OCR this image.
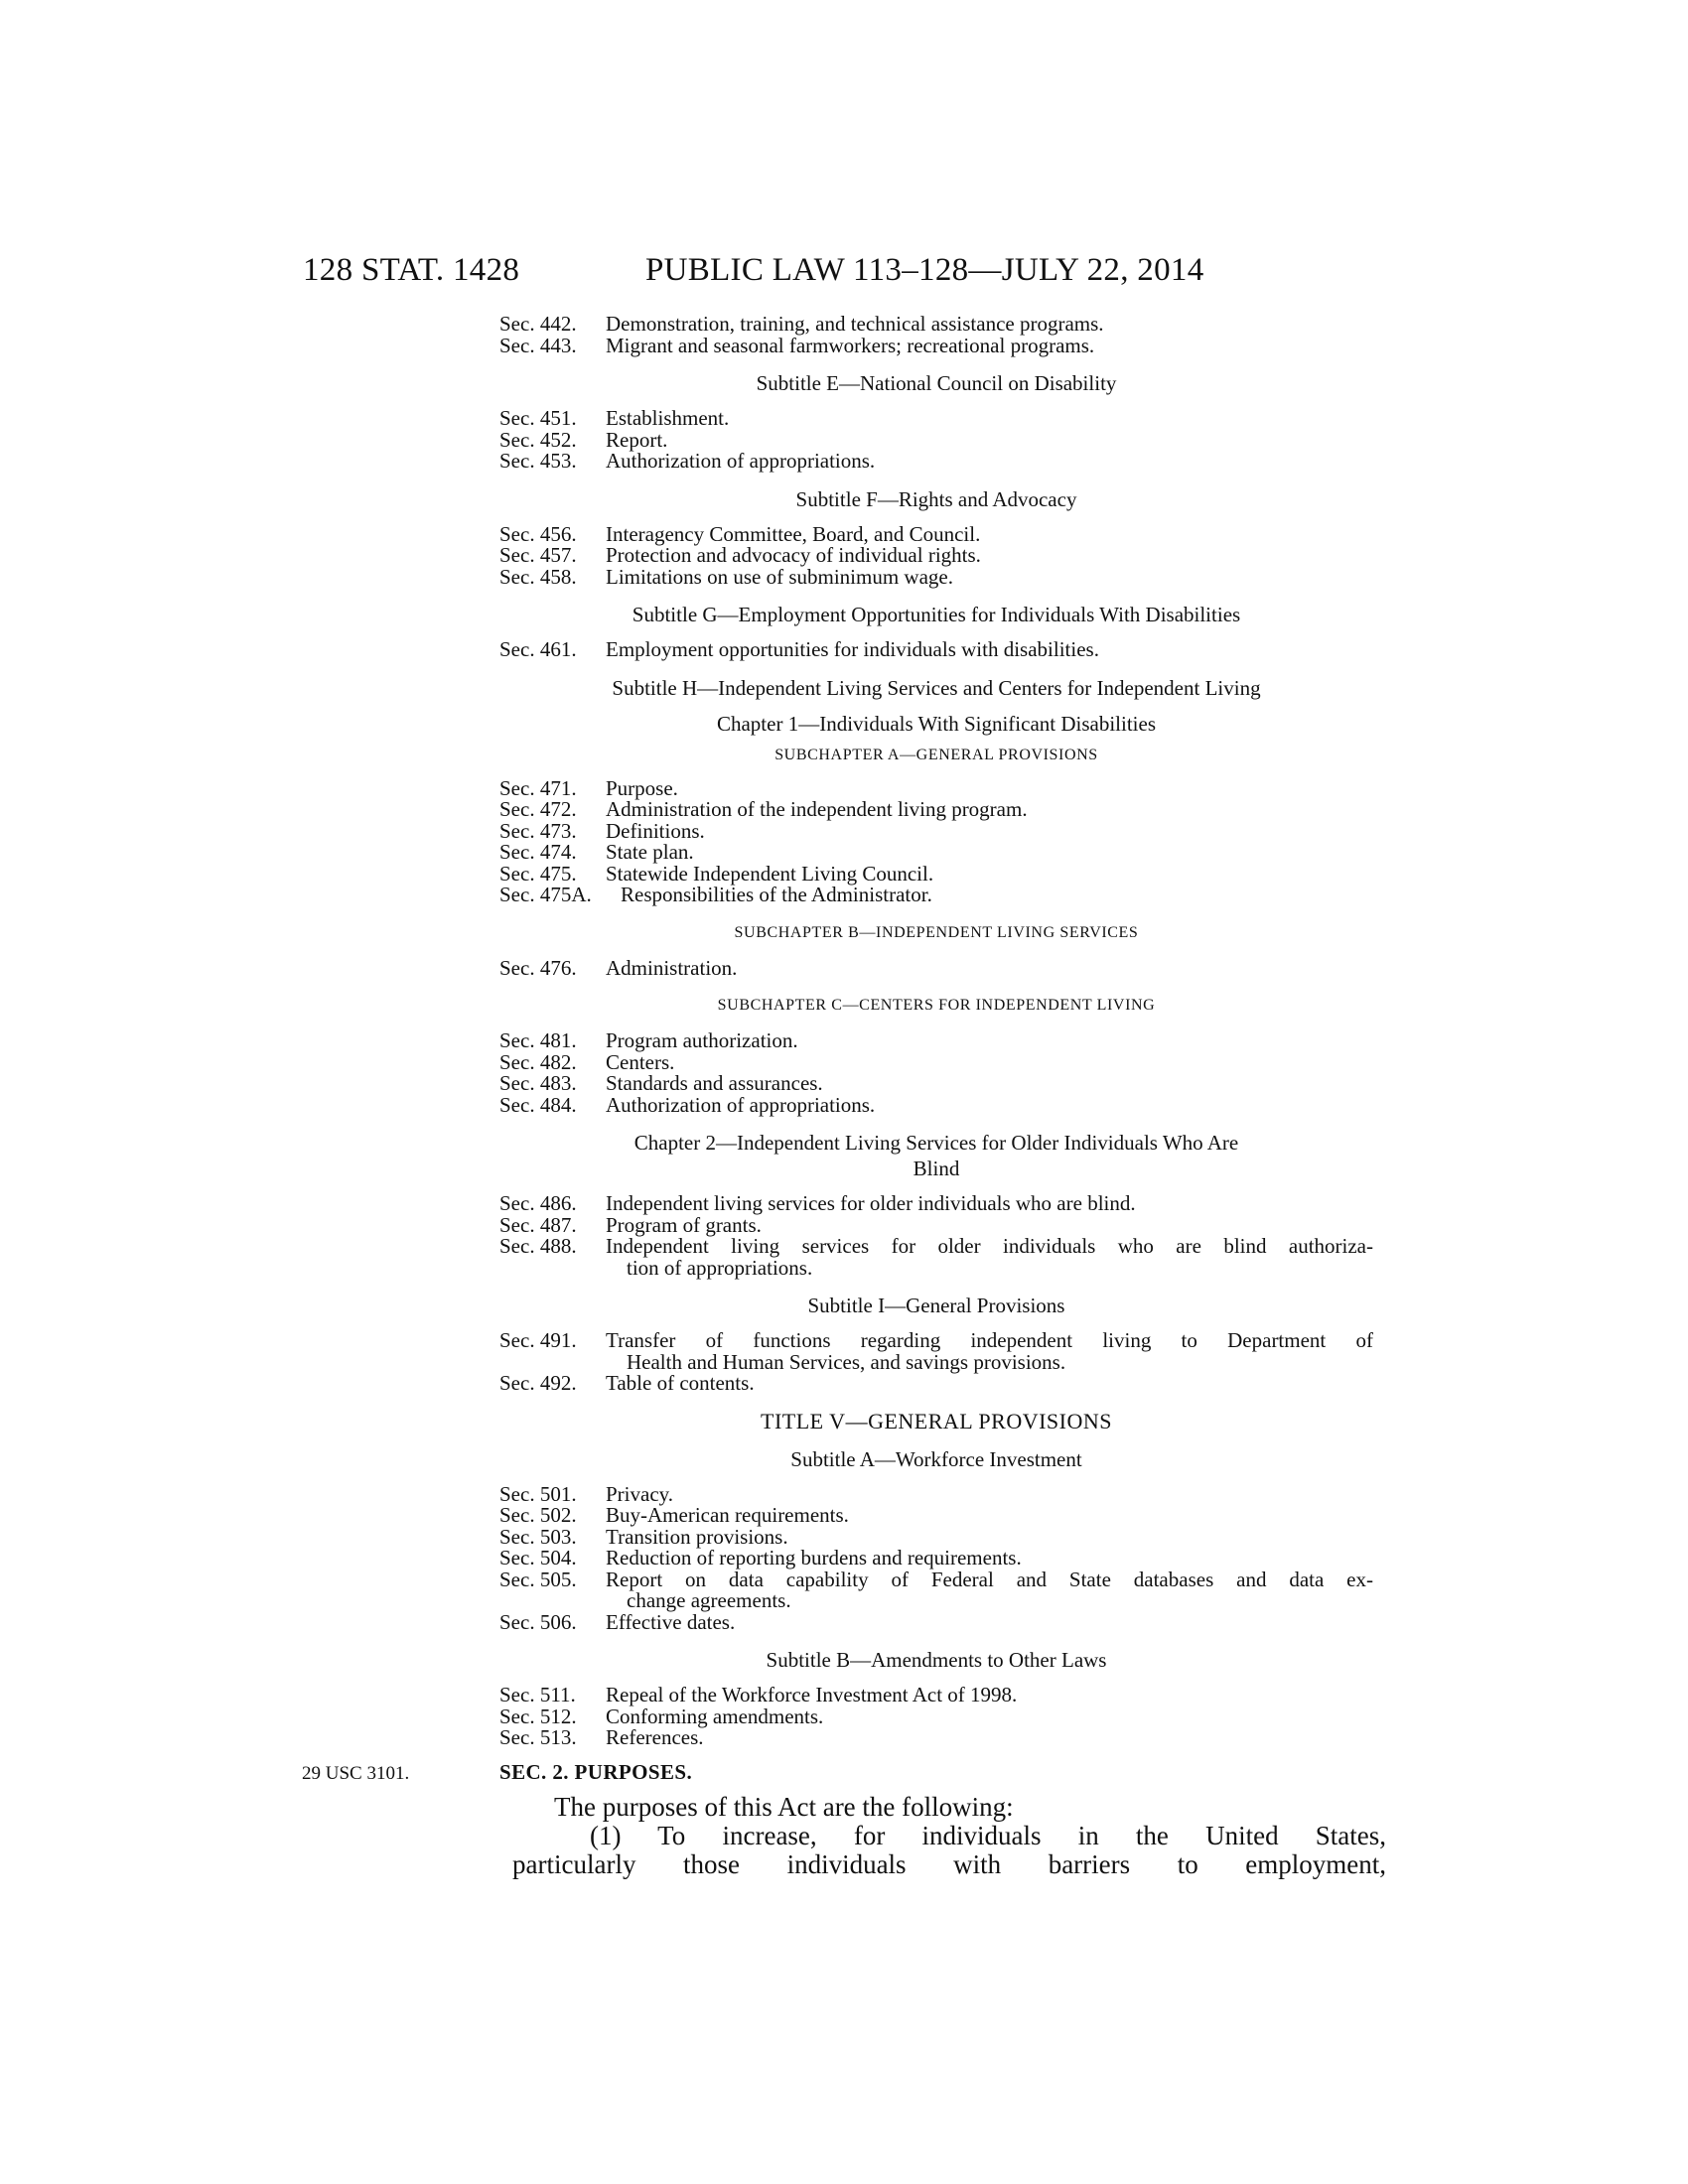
128 STAT. 1428	PUBLIC LAW 113–128—JULY 22, 2014
Sec. 442.	Demonstration, training, and technical assistance programs.
Sec. 443.	Migrant and seasonal farmworkers; recreational programs.
Subtitle E—National Council on Disability
Sec. 451.	Establishment.
Sec. 452.	Report.
Sec. 453.	Authorization of appropriations.
Subtitle F—Rights and Advocacy
Sec. 456.	Interagency Committee, Board, and Council.
Sec. 457.	Protection and advocacy of individual rights.
Sec. 458.	Limitations on use of subminimum wage.
Subtitle G—Employment Opportunities for Individuals With Disabilities
Sec. 461.	Employment opportunities for individuals with disabilities.
Subtitle H—Independent Living Services and Centers for Independent Living
Chapter 1—Individuals With Significant Disabilities
SUBCHAPTER A—GENERAL PROVISIONS
Sec. 471.	Purpose.
Sec. 472.	Administration of the independent living program.
Sec. 473.	Definitions.
Sec. 474.	State plan.
Sec. 475.	Statewide Independent Living Council.
Sec. 475A.	Responsibilities of the Administrator.
SUBCHAPTER B—INDEPENDENT LIVING SERVICES
Sec. 476.	Administration.
SUBCHAPTER C—CENTERS FOR INDEPENDENT LIVING
Sec. 481.	Program authorization.
Sec. 482.	Centers.
Sec. 483.	Standards and assurances.
Sec. 484.	Authorization of appropriations.
Chapter 2—Independent Living Services for Older Individuals Who Are
Blind
Sec. 486.	Independent living services for older individuals who are blind.
Sec. 487.	Program of grants.
Sec. 488.	Independent living services for older individuals who are blind authoriza-
tion of appropriations.
Subtitle I—General Provisions
Sec. 491.	Transfer of functions regarding independent living to Department of
Health and Human Services, and savings provisions.
Sec. 492.	Table of contents.
TITLE V—GENERAL PROVISIONS
Subtitle A—Workforce Investment
Sec. 501.	Privacy.
Sec. 502.	Buy-American requirements.
Sec. 503.	Transition provisions.
Sec. 504.	Reduction of reporting burdens and requirements.
Sec. 505.	Report on data capability of Federal and State databases and data ex-
change agreements.
Sec. 506.	Effective dates.
Subtitle B—Amendments to Other Laws
Sec. 511.	Repeal of the Workforce Investment Act of 1998.
Sec. 512.	Conforming amendments.
Sec. 513.	References.
29 USC 3101.	SEC. 2. PURPOSES.
The purposes of this Act are the following:
(1) To increase, for individuals in the United States,
particularly those individuals with barriers to employment,
